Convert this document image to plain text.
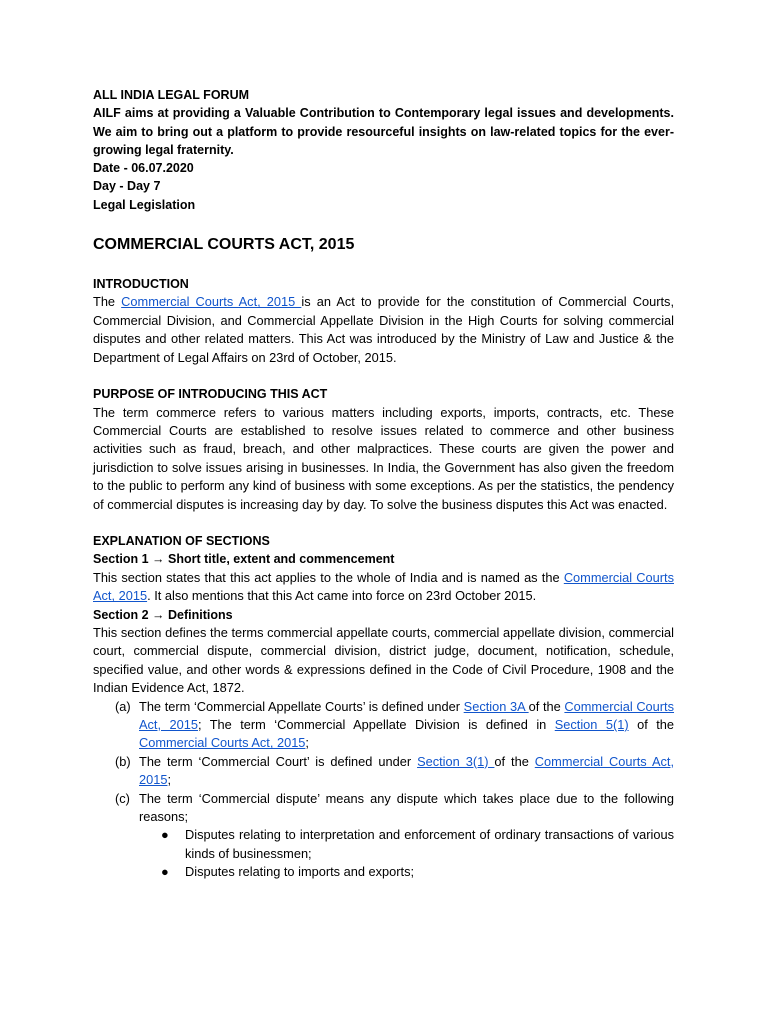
ALL INDIA LEGAL FORUM
AILF aims at providing a Valuable Contribution to Contemporary legal issues and developments. We aim to bring out a platform to provide resourceful insights on law-related topics for the ever-growing legal fraternity.
Date - 06.07.2020
Day - Day 7
Legal Legislation
COMMERCIAL COURTS ACT, 2015
INTRODUCTION
The Commercial Courts Act, 2015 is an Act to provide for the constitution of Commercial Courts, Commercial Division, and Commercial Appellate Division in the High Courts for solving commercial disputes and other related matters. This Act was introduced by the Ministry of Law and Justice & the Department of Legal Affairs on 23rd of October, 2015.
PURPOSE OF INTRODUCING THIS ACT
The term commerce refers to various matters including exports, imports, contracts, etc. These Commercial Courts are established to resolve issues related to commerce and other business activities such as fraud, breach, and other malpractices. These courts are given the power and jurisdiction to solve issues arising in businesses. In India, the Government has also given the freedom to the public to perform any kind of business with some exceptions. As per the statistics, the pendency of commercial disputes is increasing day by day. To solve the business disputes this Act was enacted.
EXPLANATION OF SECTIONS
Section 1 → Short title, extent and commencement
This section states that this act applies to the whole of India and is named as the Commercial Courts Act, 2015. It also mentions that this Act came into force on 23rd October 2015.
Section 2 → Definitions
This section defines the terms commercial appellate courts, commercial appellate division, commercial court, commercial dispute, commercial division, district judge, document, notification, schedule, specified value, and other words & expressions defined in the Code of Civil Procedure, 1908 and the Indian Evidence Act, 1872.
(a) The term ‘Commercial Appellate Courts’ is defined under Section 3A of the Commercial Courts Act, 2015; The term ‘Commercial Appellate Division is defined in Section 5(1) of the Commercial Courts Act, 2015;
(b) The term ‘Commercial Court’ is defined under Section 3(1) of the Commercial Courts Act, 2015;
(c) The term ‘Commercial dispute’ means any dispute which takes place due to the following reasons;
● Disputes relating to interpretation and enforcement of ordinary transactions of various kinds of businessmen;
● Disputes relating to imports and exports;
